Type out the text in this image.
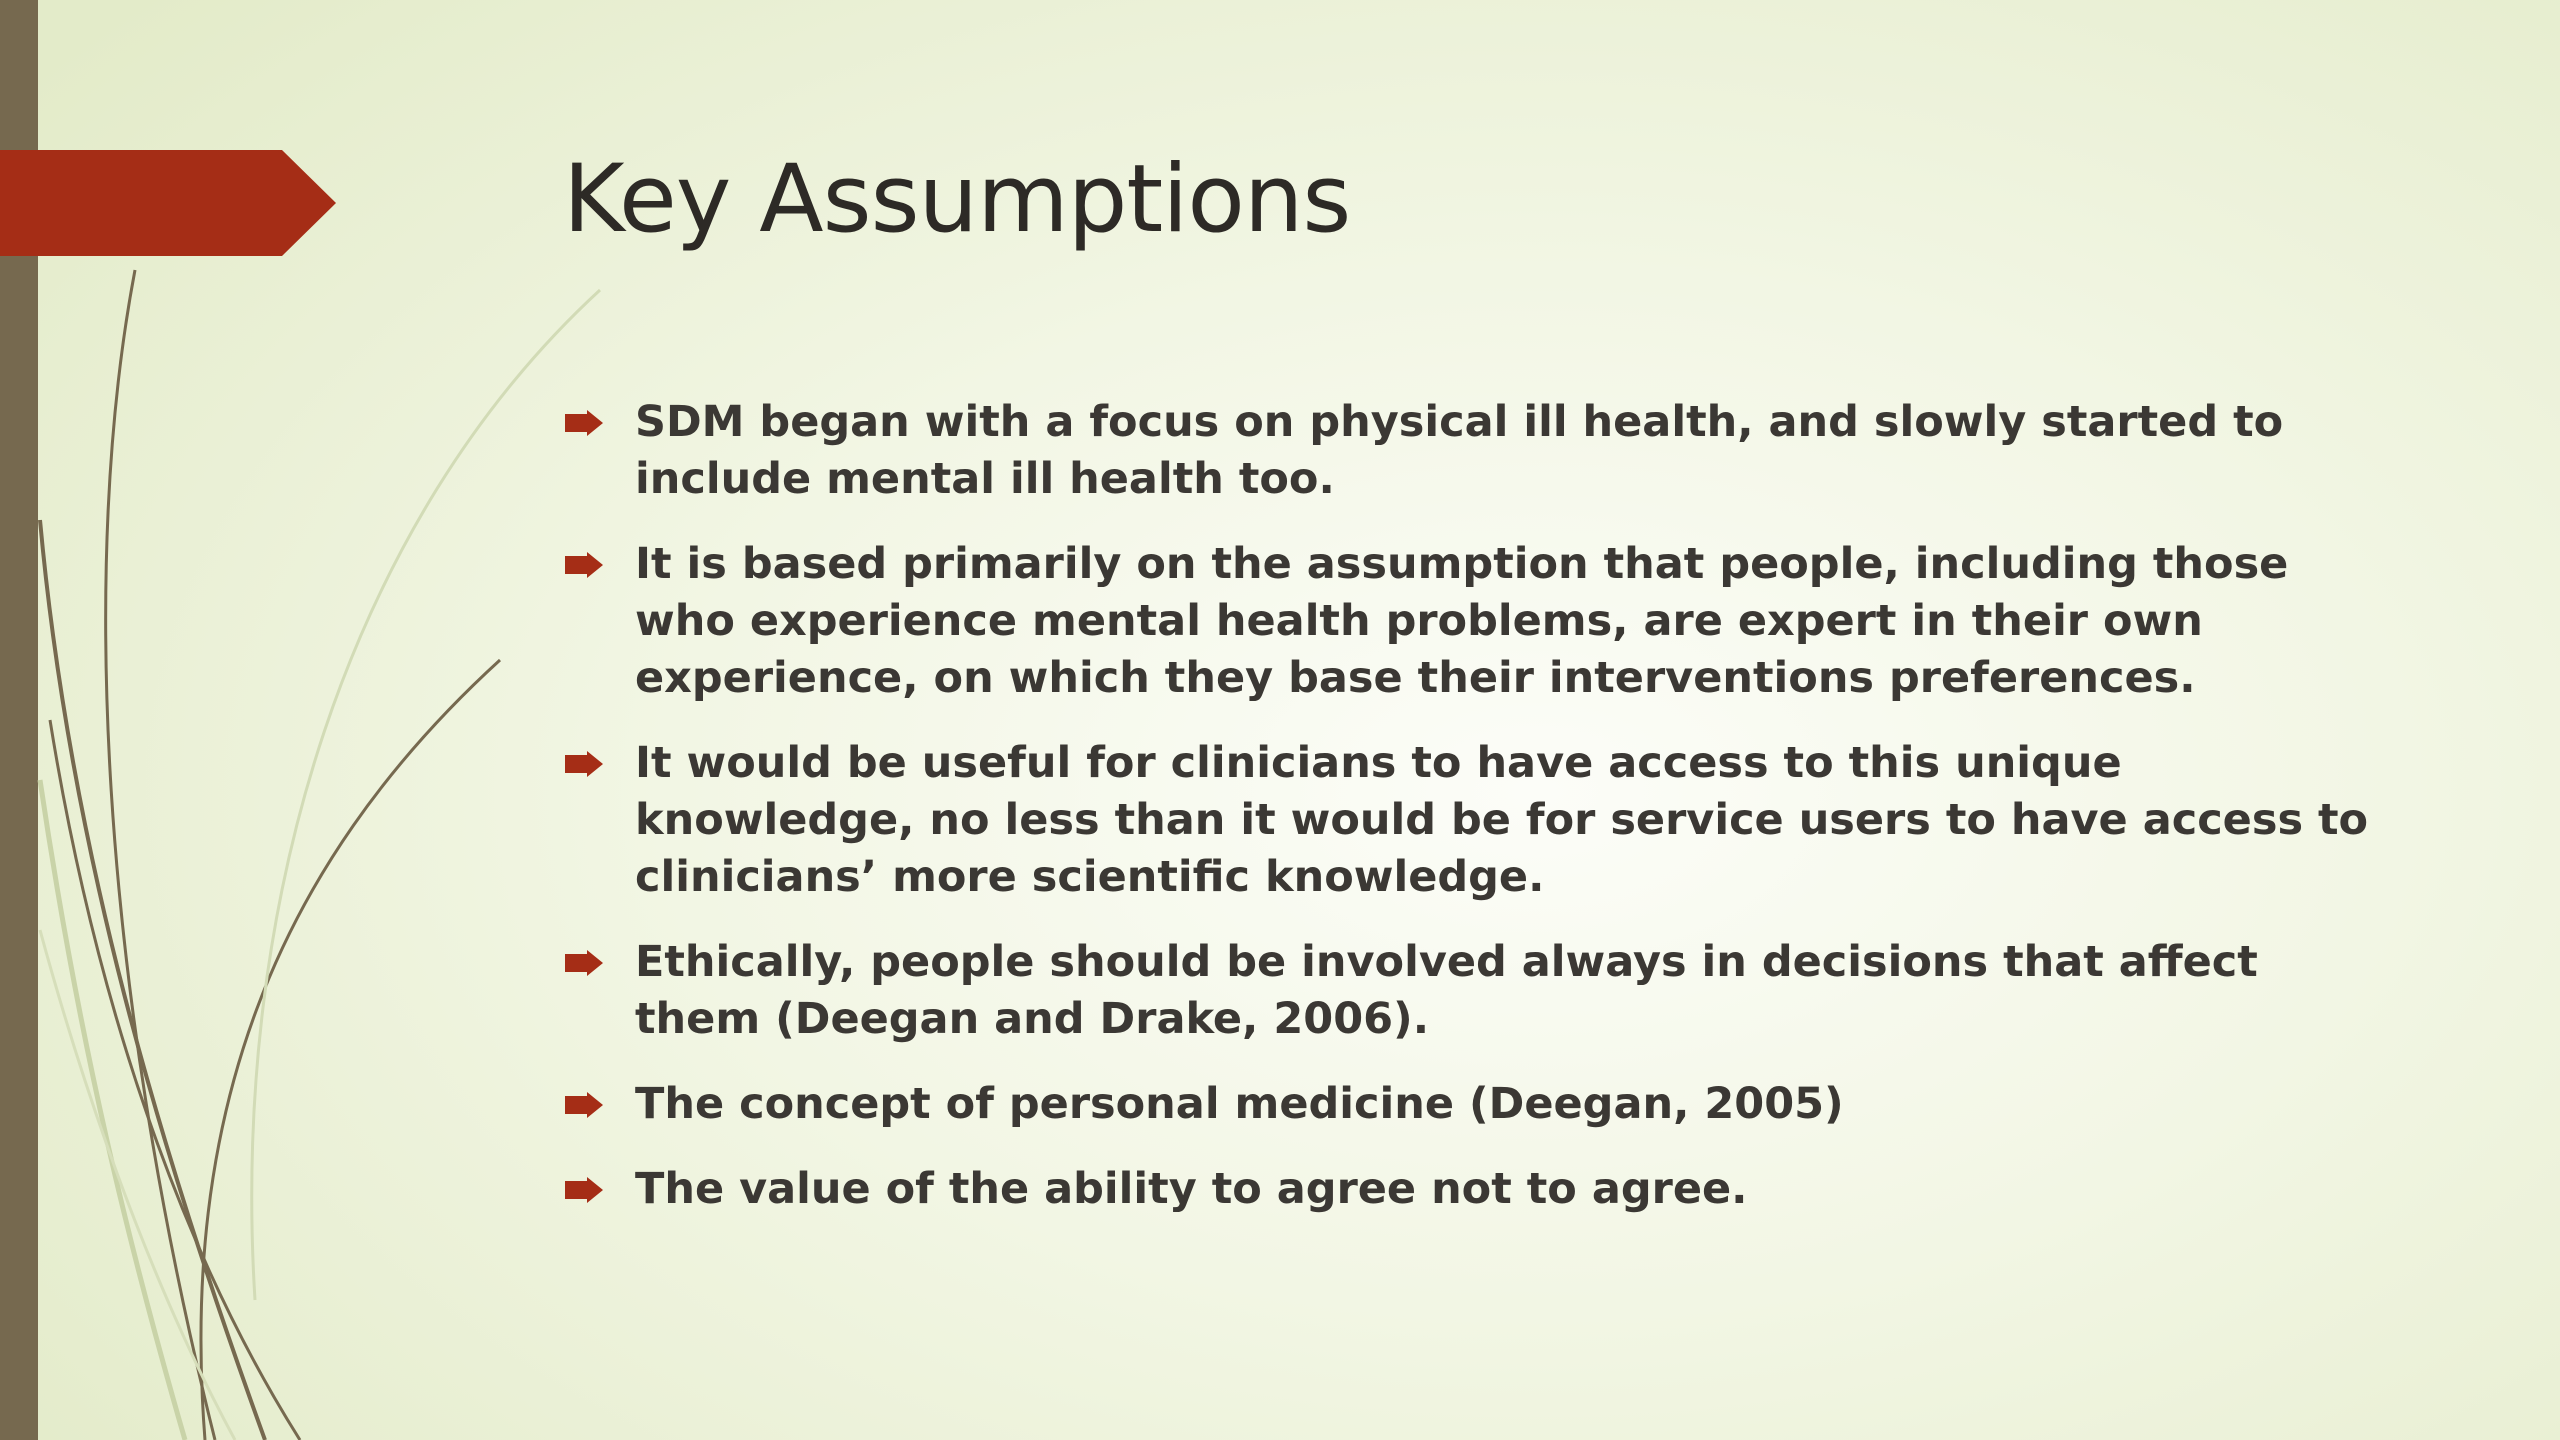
Key Assumptions
SDM began with a focus on physical ill health, and slowly started to include mental ill health too.
It is based primarily on the assumption that people, including those who experience mental health problems, are expert in their own experience, on which they base their interventions preferences.
It would be useful for clinicians to have access to this unique knowledge, no less than it would be for service users to have access to clinicians’ more scientific knowledge.
Ethically, people should be involved always in decisions that affect them (Deegan and Drake, 2006).
The concept of personal medicine (Deegan, 2005)
The value of the ability to agree not to agree.
